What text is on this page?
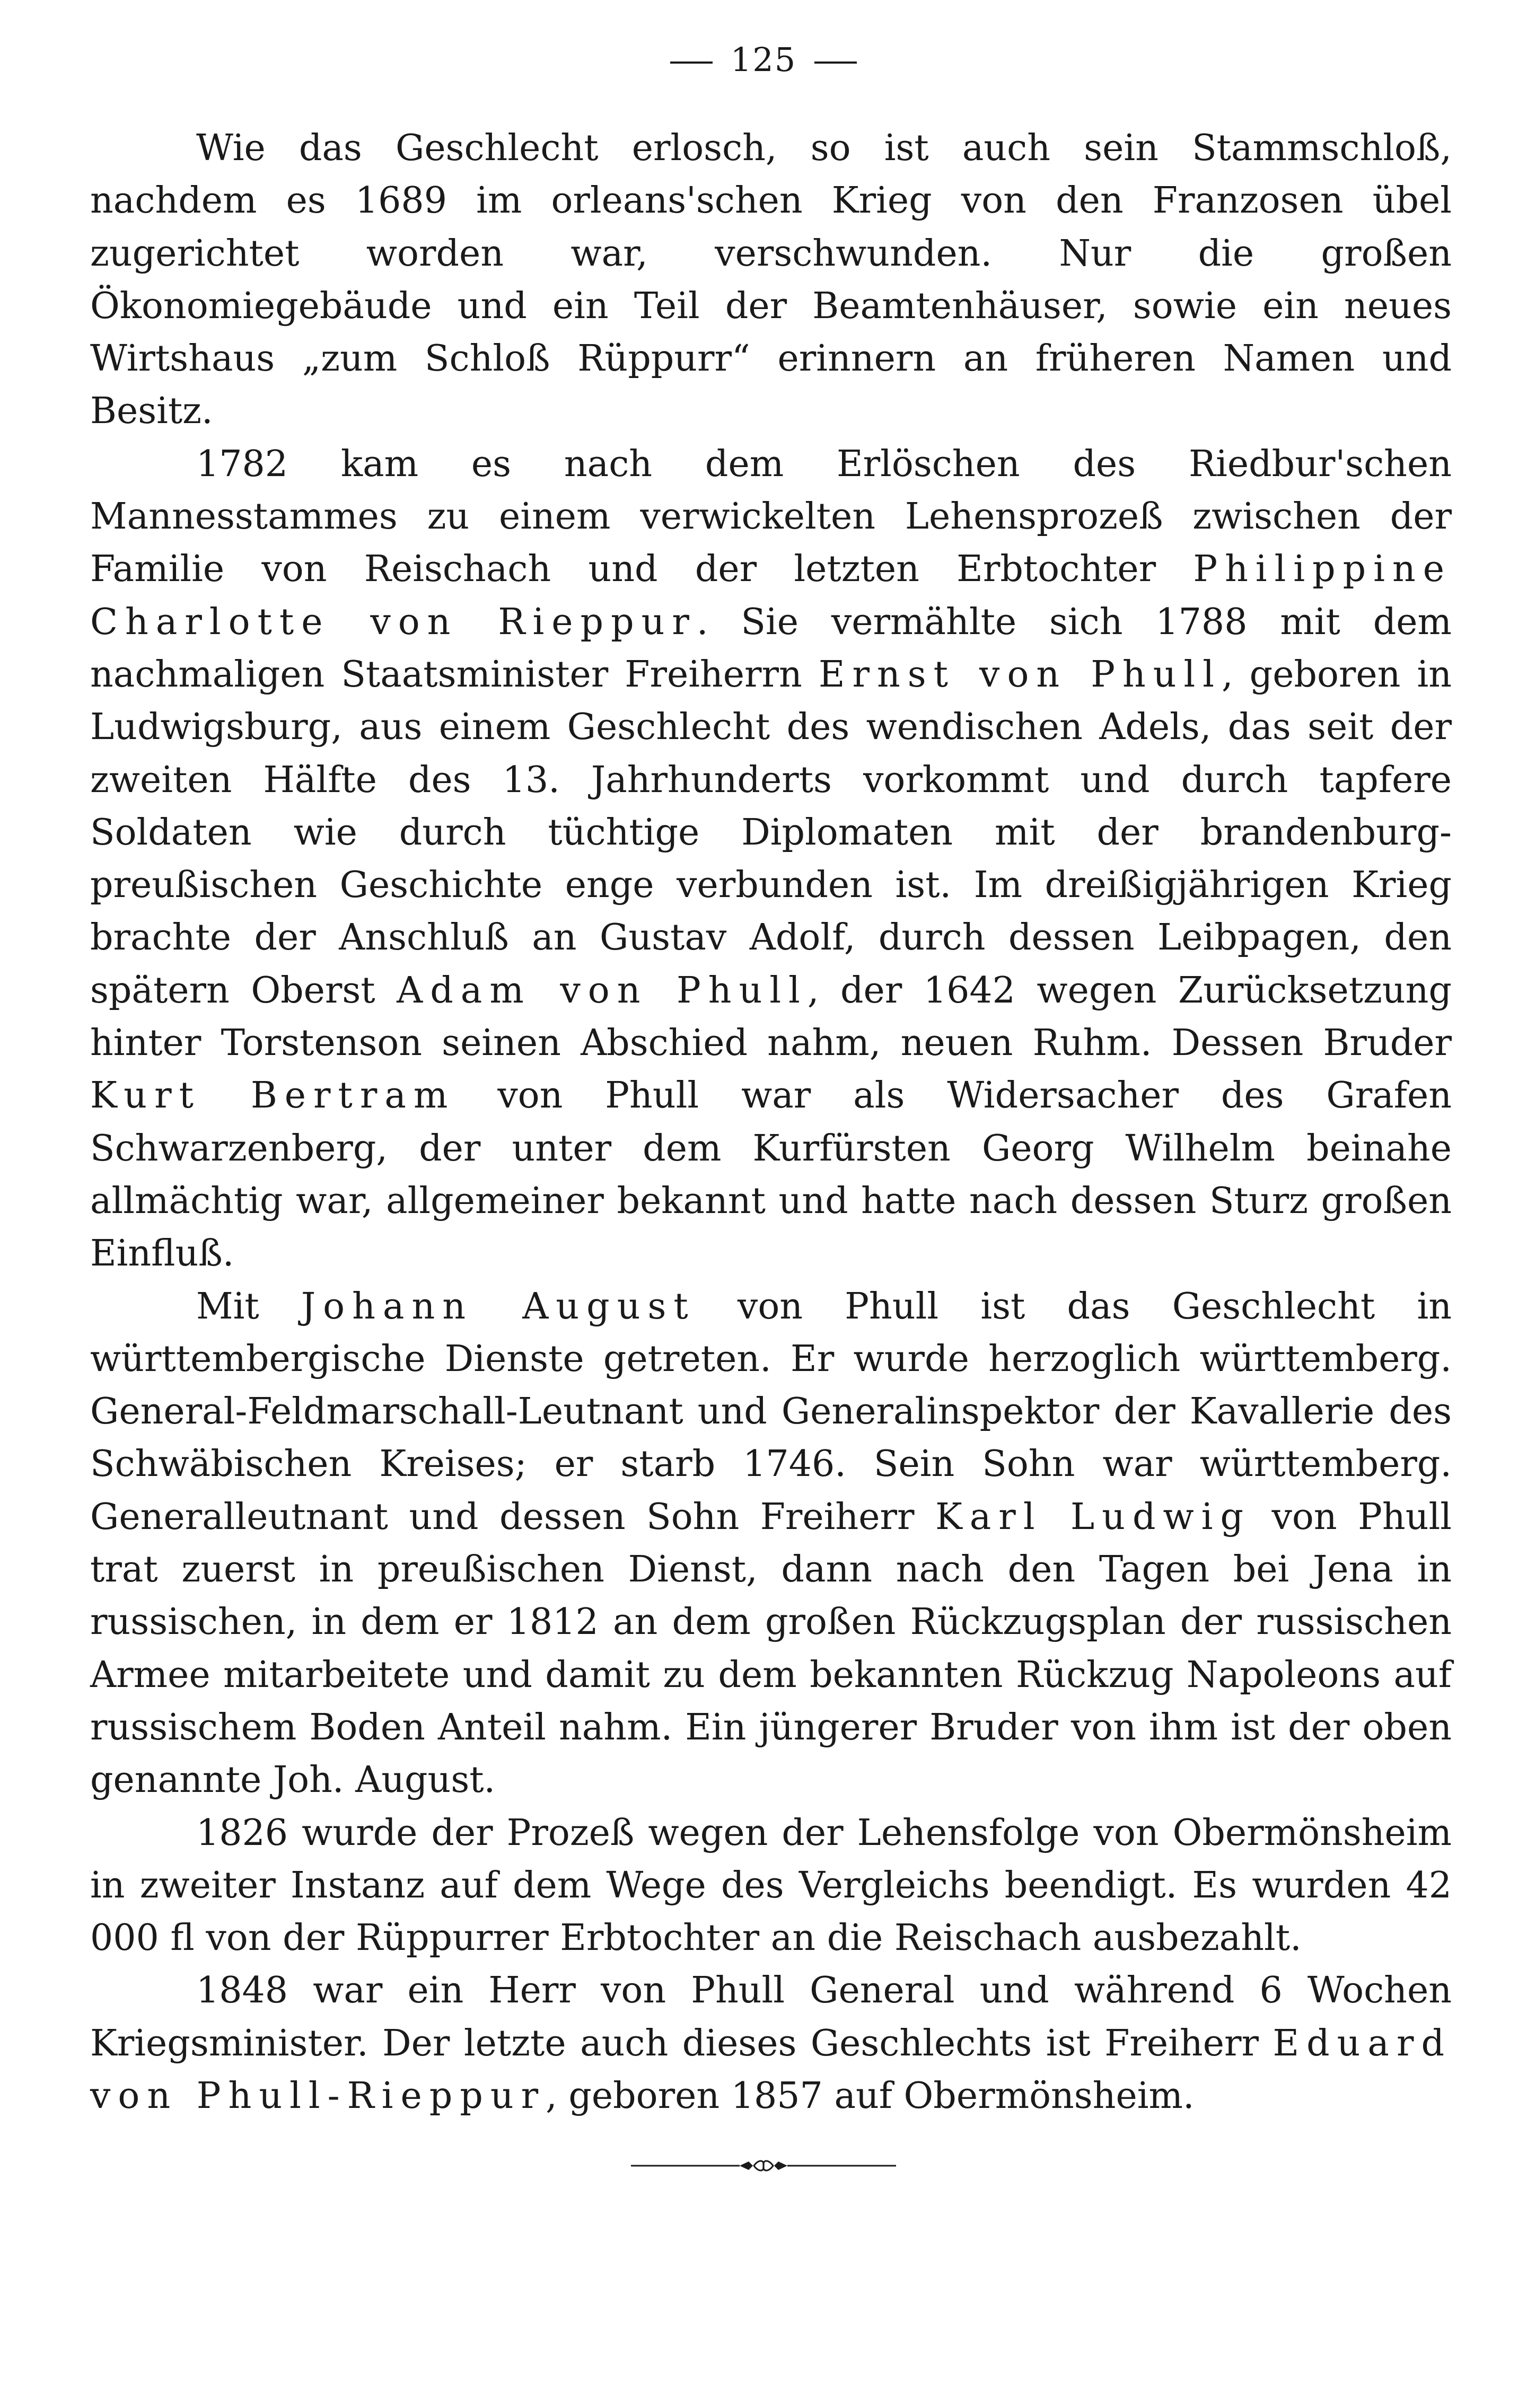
125

Wie das Geschlecht erlosch, so ist auch sein Stammschloß, nachdem es 1689 im orleans'schen Krieg von den Franzosen übel zugerichtet worden war, verschwunden. Nur die großen Ökonomiegebäude und ein Teil der Beamtenhäuser, sowie ein neues Wirtshaus „zum Schloß Rüppurr“ erinnern an früheren Namen und Besitz.

1782 kam es nach dem Erlöschen des Riedbur'schen Mannesstammes zu einem verwickelten Lehensprozeß zwischen der Familie von Reischach und der letzten Erbtochter Philippine Charlotte von Rieppur. Sie vermählte sich 1788 mit dem nachmaligen Staatsminister Freiherrn Ernst von Phull, geboren in Ludwigsburg, aus einem Geschlecht des wendischen Adels, das seit der zweiten Hälfte des 13. Jahrhunderts vorkommt und durch tapfere Soldaten wie durch tüchtige Diplomaten mit der brandenburg-preußischen Geschichte enge verbunden ist. Im dreißigjährigen Krieg brachte der Anschluß an Gustav Adolf, durch dessen Leibpagen, den spätern Oberst Adam von Phull, der 1642 wegen Zurücksetzung hinter Torstenson seinen Abschied nahm, neuen Ruhm. Dessen Bruder Kurt Bertram von Phull war als Widersacher des Grafen Schwarzenberg, der unter dem Kurfürsten Georg Wilhelm beinahe allmächtig war, allgemeiner bekannt und hatte nach dessen Sturz großen Einfluß.

Mit Johann August von Phull ist das Geschlecht in württembergische Dienste getreten. Er wurde herzoglich württemberg. General-Feldmarschall-Leutnant und Generalinspektor der Kavallerie des Schwäbischen Kreises; er starb 1746. Sein Sohn war württemberg. Generalleutnant und dessen Sohn Freiherr Karl Ludwig von Phull trat zuerst in preußischen Dienst, dann nach den Tagen bei Jena in russischen, in dem er 1812 an dem großen Rückzugsplan der russischen Armee mitarbeitete und damit zu dem bekannten Rückzug Napoleons auf russischem Boden Anteil nahm. Ein jüngerer Bruder von ihm ist der oben genannte Joh. August.

1826 wurde der Prozeß wegen der Lehensfolge von Obermönsheim in zweiter Instanz auf dem Wege des Vergleichs beendigt. Es wurden 42 000 fl von der Rüppurrer Erbtochter an die Reischach ausbezahlt.

1848 war ein Herr von Phull General und während 6 Wochen Kriegsminister. Der letzte auch dieses Geschlechts ist Freiherr Eduard von Phull-Rieppur, geboren 1857 auf Obermönsheim.
